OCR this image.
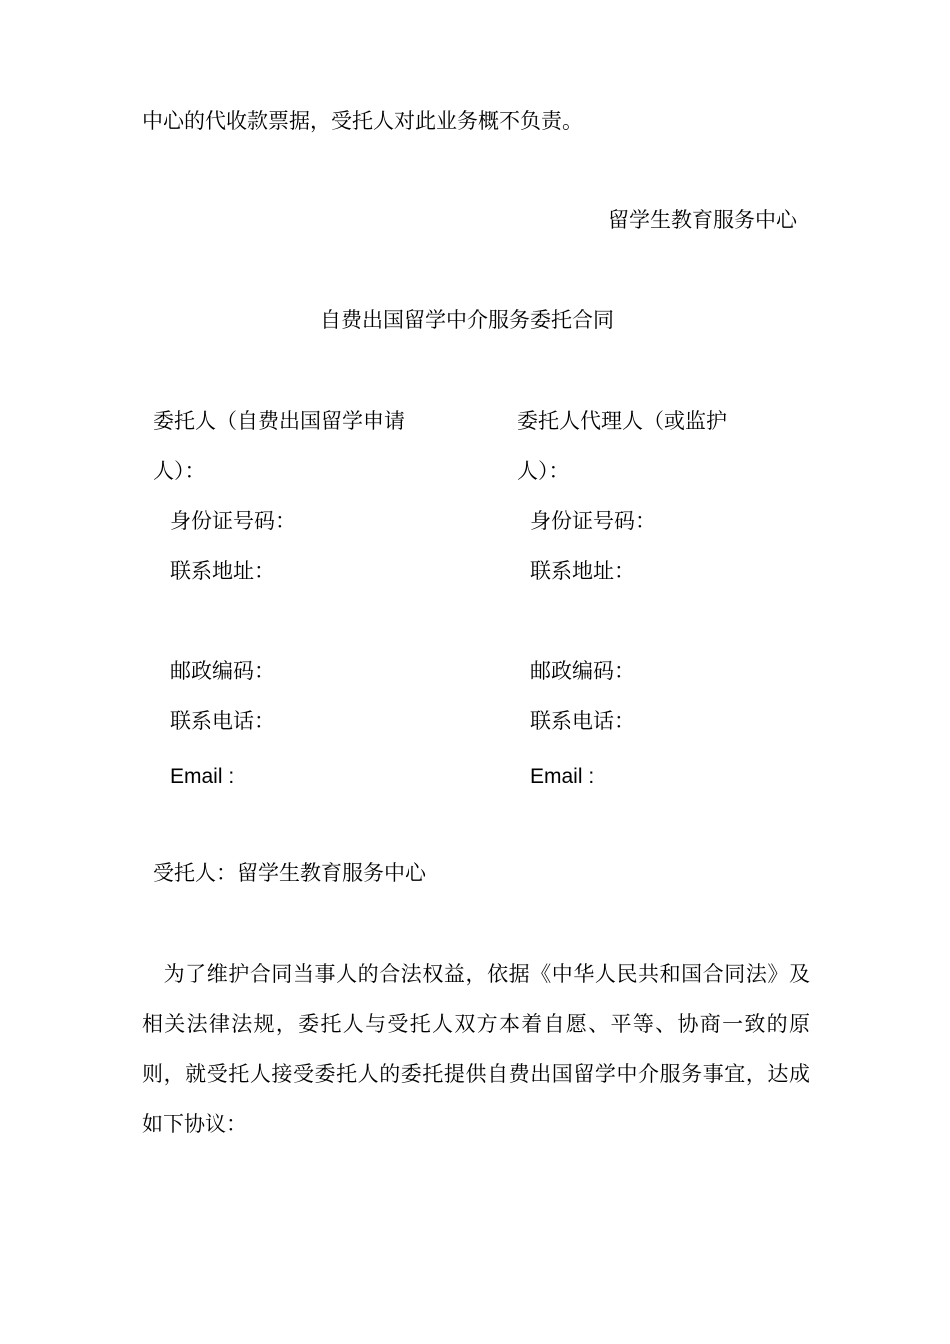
中心的代收款票据，受托人对此业务概不负责。
留学生教育服务中心
自费出国留学中介服务委托合同
委托人（自费出国留学申请
人）：
身份证号码：
联系地址：
邮政编码：
联系电话：
Email :
委托人代理人（或监护
人）：
身份证号码：
联系地址：
邮政编码：
联系电话：
Email :
受托人：留学生教育服务中心
　为了维护合同当事人的合法权益，依据《中华人民共和国合同法》及相关法律法规，委托人与受托人双方本着自愿、平等、协商一致的原则，就受托人接受委托人的委托提供自费出国留学中介服务事宜，达成如下协议：
